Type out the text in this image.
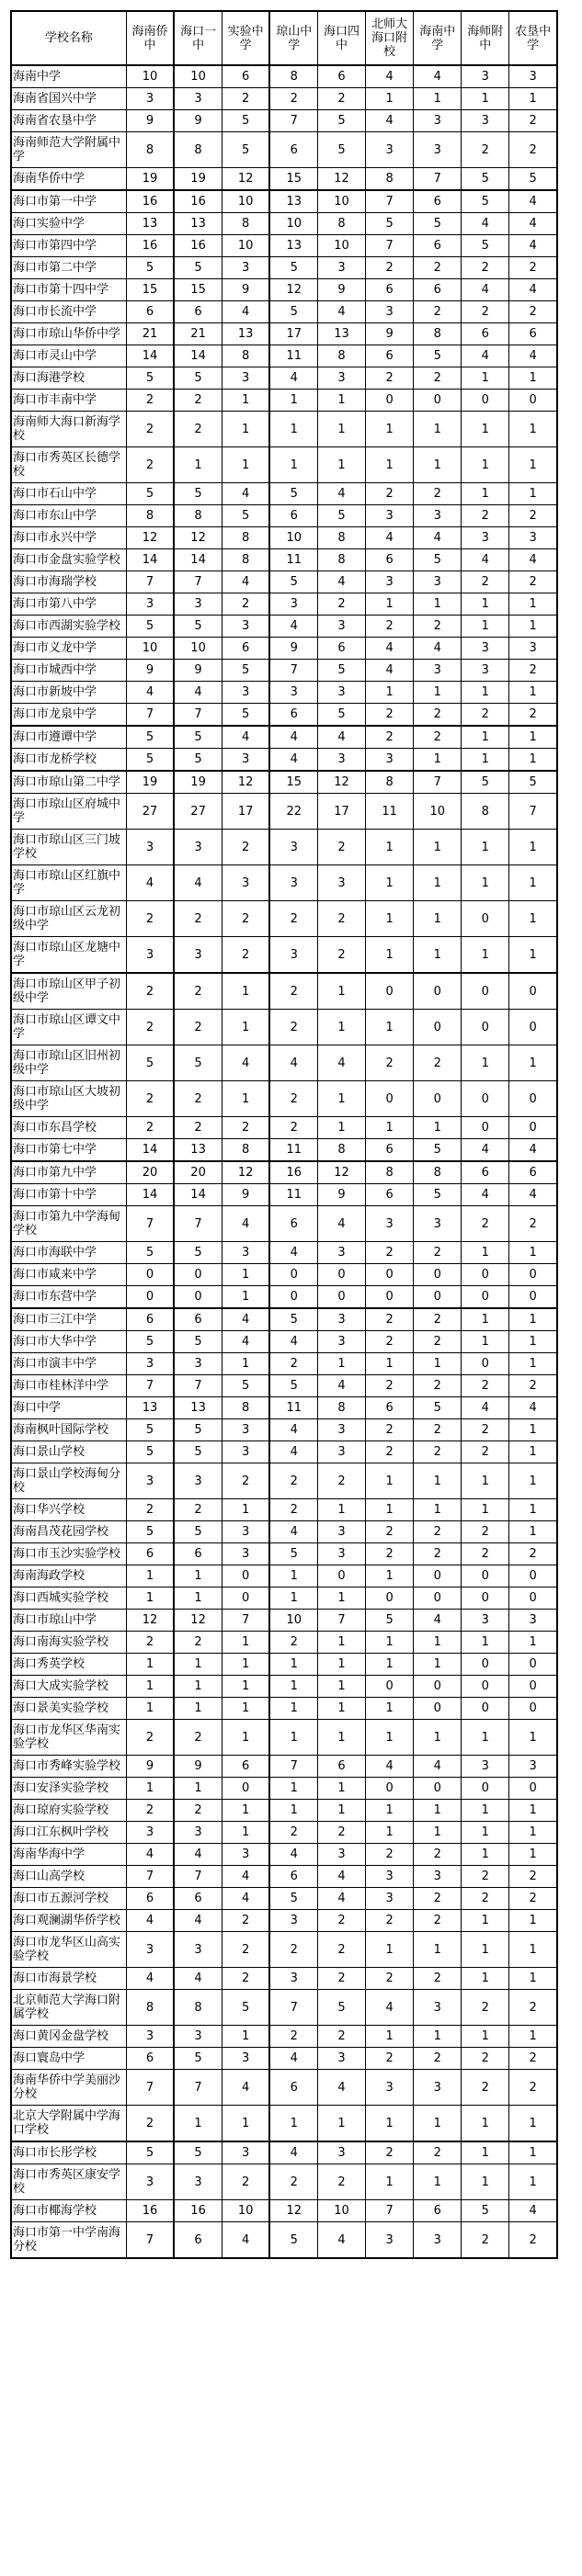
学校名称	海南侨中	海口一中	实验中学	琼山中学	海口四中	北师大海口附校	海南中学	海师附中	农垦中学
海南中学	10	10	6	8	6	4	4	3	3
海南省国兴中学	3	3	2	2	2	1	1	1	1
海南省农垦中学	9	9	5	7	5	4	3	3	2
海南师范大学附属中学	8	8	5	6	5	3	3	2	2
海南华侨中学	19	19	12	15	12	8	7	5	5
海口市第一中学	16	16	10	13	10	7	6	5	4
海口实验中学	13	13	8	10	8	5	5	4	4
海口市第四中学	16	16	10	13	10	7	6	5	4
海口市第二中学	5	5	3	5	3	2	2	2	2
海口市第十四中学	15	15	9	12	9	6	6	4	4
海口市长流中学	6	6	4	5	4	3	2	2	2
海口市琼山华侨中学	21	21	13	17	13	9	8	6	6
海口市灵山中学	14	14	8	11	8	6	5	4	4
海口海港学校	5	5	3	4	3	2	2	1	1
海口市丰南中学	2	2	1	1	1	0	0	0	0
海南师大海口新海学校	2	2	1	1	1	1	1	1	1
海口市秀英区长德学校	2	1	1	1	1	1	1	1	1
海口市石山中学	5	5	4	5	4	2	2	1	1
海口市东山中学	8	8	5	6	5	3	3	2	2
海口市永兴中学	12	12	8	10	8	4	4	3	3
海口市金盘实验学校	14	14	8	11	8	6	5	4	4
海口市海瑞学校	7	7	4	5	4	3	3	2	2
海口市第八中学	3	3	2	3	2	1	1	1	1
海口市西湖实验学校	5	5	3	4	3	2	2	1	1
海口市义龙中学	10	10	6	9	6	4	4	3	3
海口市城西中学	9	9	5	7	5	4	3	3	2
海口市新坡中学	4	4	3	3	3	1	1	1	1
海口市龙泉中学	7	7	5	6	5	2	2	2	2
海口市遵谭中学	5	5	4	4	4	2	2	1	1
海口市龙桥学校	5	5	3	4	3	3	1	1	1
海口市琼山第二中学	19	19	12	15	12	8	7	5	5
海口市琼山区府城中学	27	27	17	22	17	11	10	8	7
海口市琼山区三门坡学校	3	3	2	3	2	1	1	1	1
海口市琼山区红旗中学	4	4	3	3	3	1	1	1	1
海口市琼山区云龙初级中学	2	2	2	2	2	1	1	0	1
海口市琼山区龙塘中学	3	3	2	3	2	1	1	1	1
海口市琼山区甲子初级中学	2	2	1	2	1	0	0	0	0
海口市琼山区谭文中学	2	2	1	2	1	1	0	0	0
海口市琼山区旧州初级中学	5	5	4	4	4	2	2	1	1
海口市琼山区大坡初级中学	2	2	1	2	1	0	0	0	0
海口市东昌学校	2	2	2	2	1	1	1	0	0
海口市第七中学	14	13	8	11	8	6	5	4	4
海口市第九中学	20	20	12	16	12	8	8	6	6
海口市第十中学	14	14	9	11	9	6	5	4	4
海口市第九中学海甸学校	7	7	4	6	4	3	3	2	2
海口市海联中学	5	5	3	4	3	2	2	1	1
海口市咸来中学	0	0	1	0	0	0	0	0	0
海口市东营中学	0	0	1	0	0	0	0	0	0
海口市三江中学	6	6	4	5	3	2	2	1	1
海口市大华中学	5	5	4	4	3	2	2	1	1
海口市演丰中学	3	3	1	2	1	1	1	0	1
海口市桂林洋中学	7	7	5	5	4	2	2	2	2
海口中学	13	13	8	11	8	6	5	4	4
海南枫叶国际学校	5	5	3	4	3	2	2	2	1
海口景山学校	5	5	3	4	3	2	2	2	1
海口景山学校海甸分校	3	3	2	2	2	1	1	1	1
海口华兴学校	2	2	1	2	1	1	1	1	1
海南昌茂花园学校	5	5	3	4	3	2	2	2	1
海口市玉沙实验学校	6	6	3	5	3	2	2	2	2
海南海政学校	1	1	0	1	0	1	0	0	0
海口西城实验学校	1	1	0	1	1	0	0	0	0
海口市琼山中学	12	12	7	10	7	5	4	3	3
海口南海实验学校	2	2	1	2	1	1	1	1	1
海口秀英学校	1	1	1	1	1	1	1	0	0
海口大成实验学校	1	1	1	1	1	0	0	0	0
海口景美实验学校	1	1	1	1	1	1	0	0	0
海口市龙华区华南实验学校	2	2	1	1	1	1	1	1	1
海口市秀峰实验学校	9	9	6	7	6	4	4	3	3
海口安泽实验学校	1	1	0	1	1	0	0	0	0
海口琼府实验学校	2	2	1	1	1	1	1	1	1
海口江东枫叶学校	3	3	1	2	2	1	1	1	1
海南华海中学	4	4	3	4	3	2	2	1	1
海口山高学校	7	7	4	6	4	3	3	2	2
海口市五源河学校	6	6	4	5	4	3	2	2	2
海口观澜湖华侨学校	4	4	2	3	2	2	2	1	1
海口市龙华区山高实验学校	3	3	2	2	2	1	1	1	1
海口市海景学校	4	4	2	3	2	2	2	1	1
北京师范大学海口附属学校	8	8	5	7	5	4	3	2	2
海口黄冈金盘学校	3	3	1	2	2	1	1	1	1
海口寰岛中学	6	5	3	4	3	2	2	2	2
海南华侨中学美丽沙分校	7	7	4	6	4	3	3	2	2
北京大学附属中学海口学校	2	1	1	1	1	1	1	1	1
海口市长彤学校	5	5	3	4	3	2	2	1	1
海口市秀英区康安学校	3	3	2	2	2	1	1	1	1
海口市椰海学校	16	16	10	12	10	7	6	5	4
海口市第一中学南海分校	7	6	4	5	4	3	3	2	2
